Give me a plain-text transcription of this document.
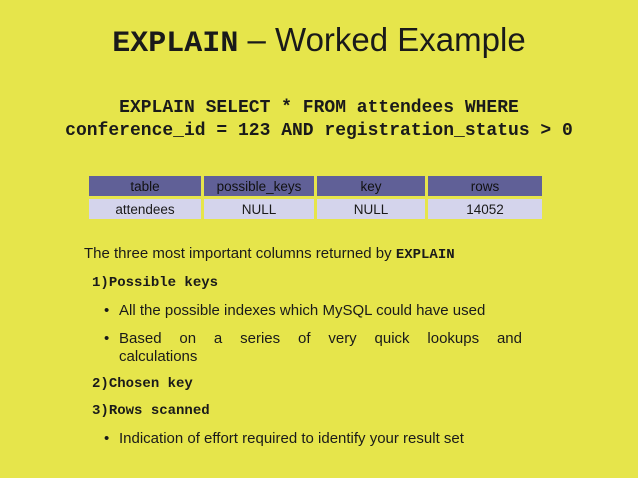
EXPLAIN – Worked Example
EXPLAIN SELECT * FROM attendees WHERE
conference_id = 123 AND registration_status > 0
table	possible_keys	key	rows
attendees	NULL	NULL	14052
The three most important columns returned by EXPLAIN
1)Possible keys
• All the possible indexes which MySQL could have used
• Based on a series of very quick lookups and
calculations
2)Chosen key
3)Rows scanned
• Indication of effort required to identify your result set
